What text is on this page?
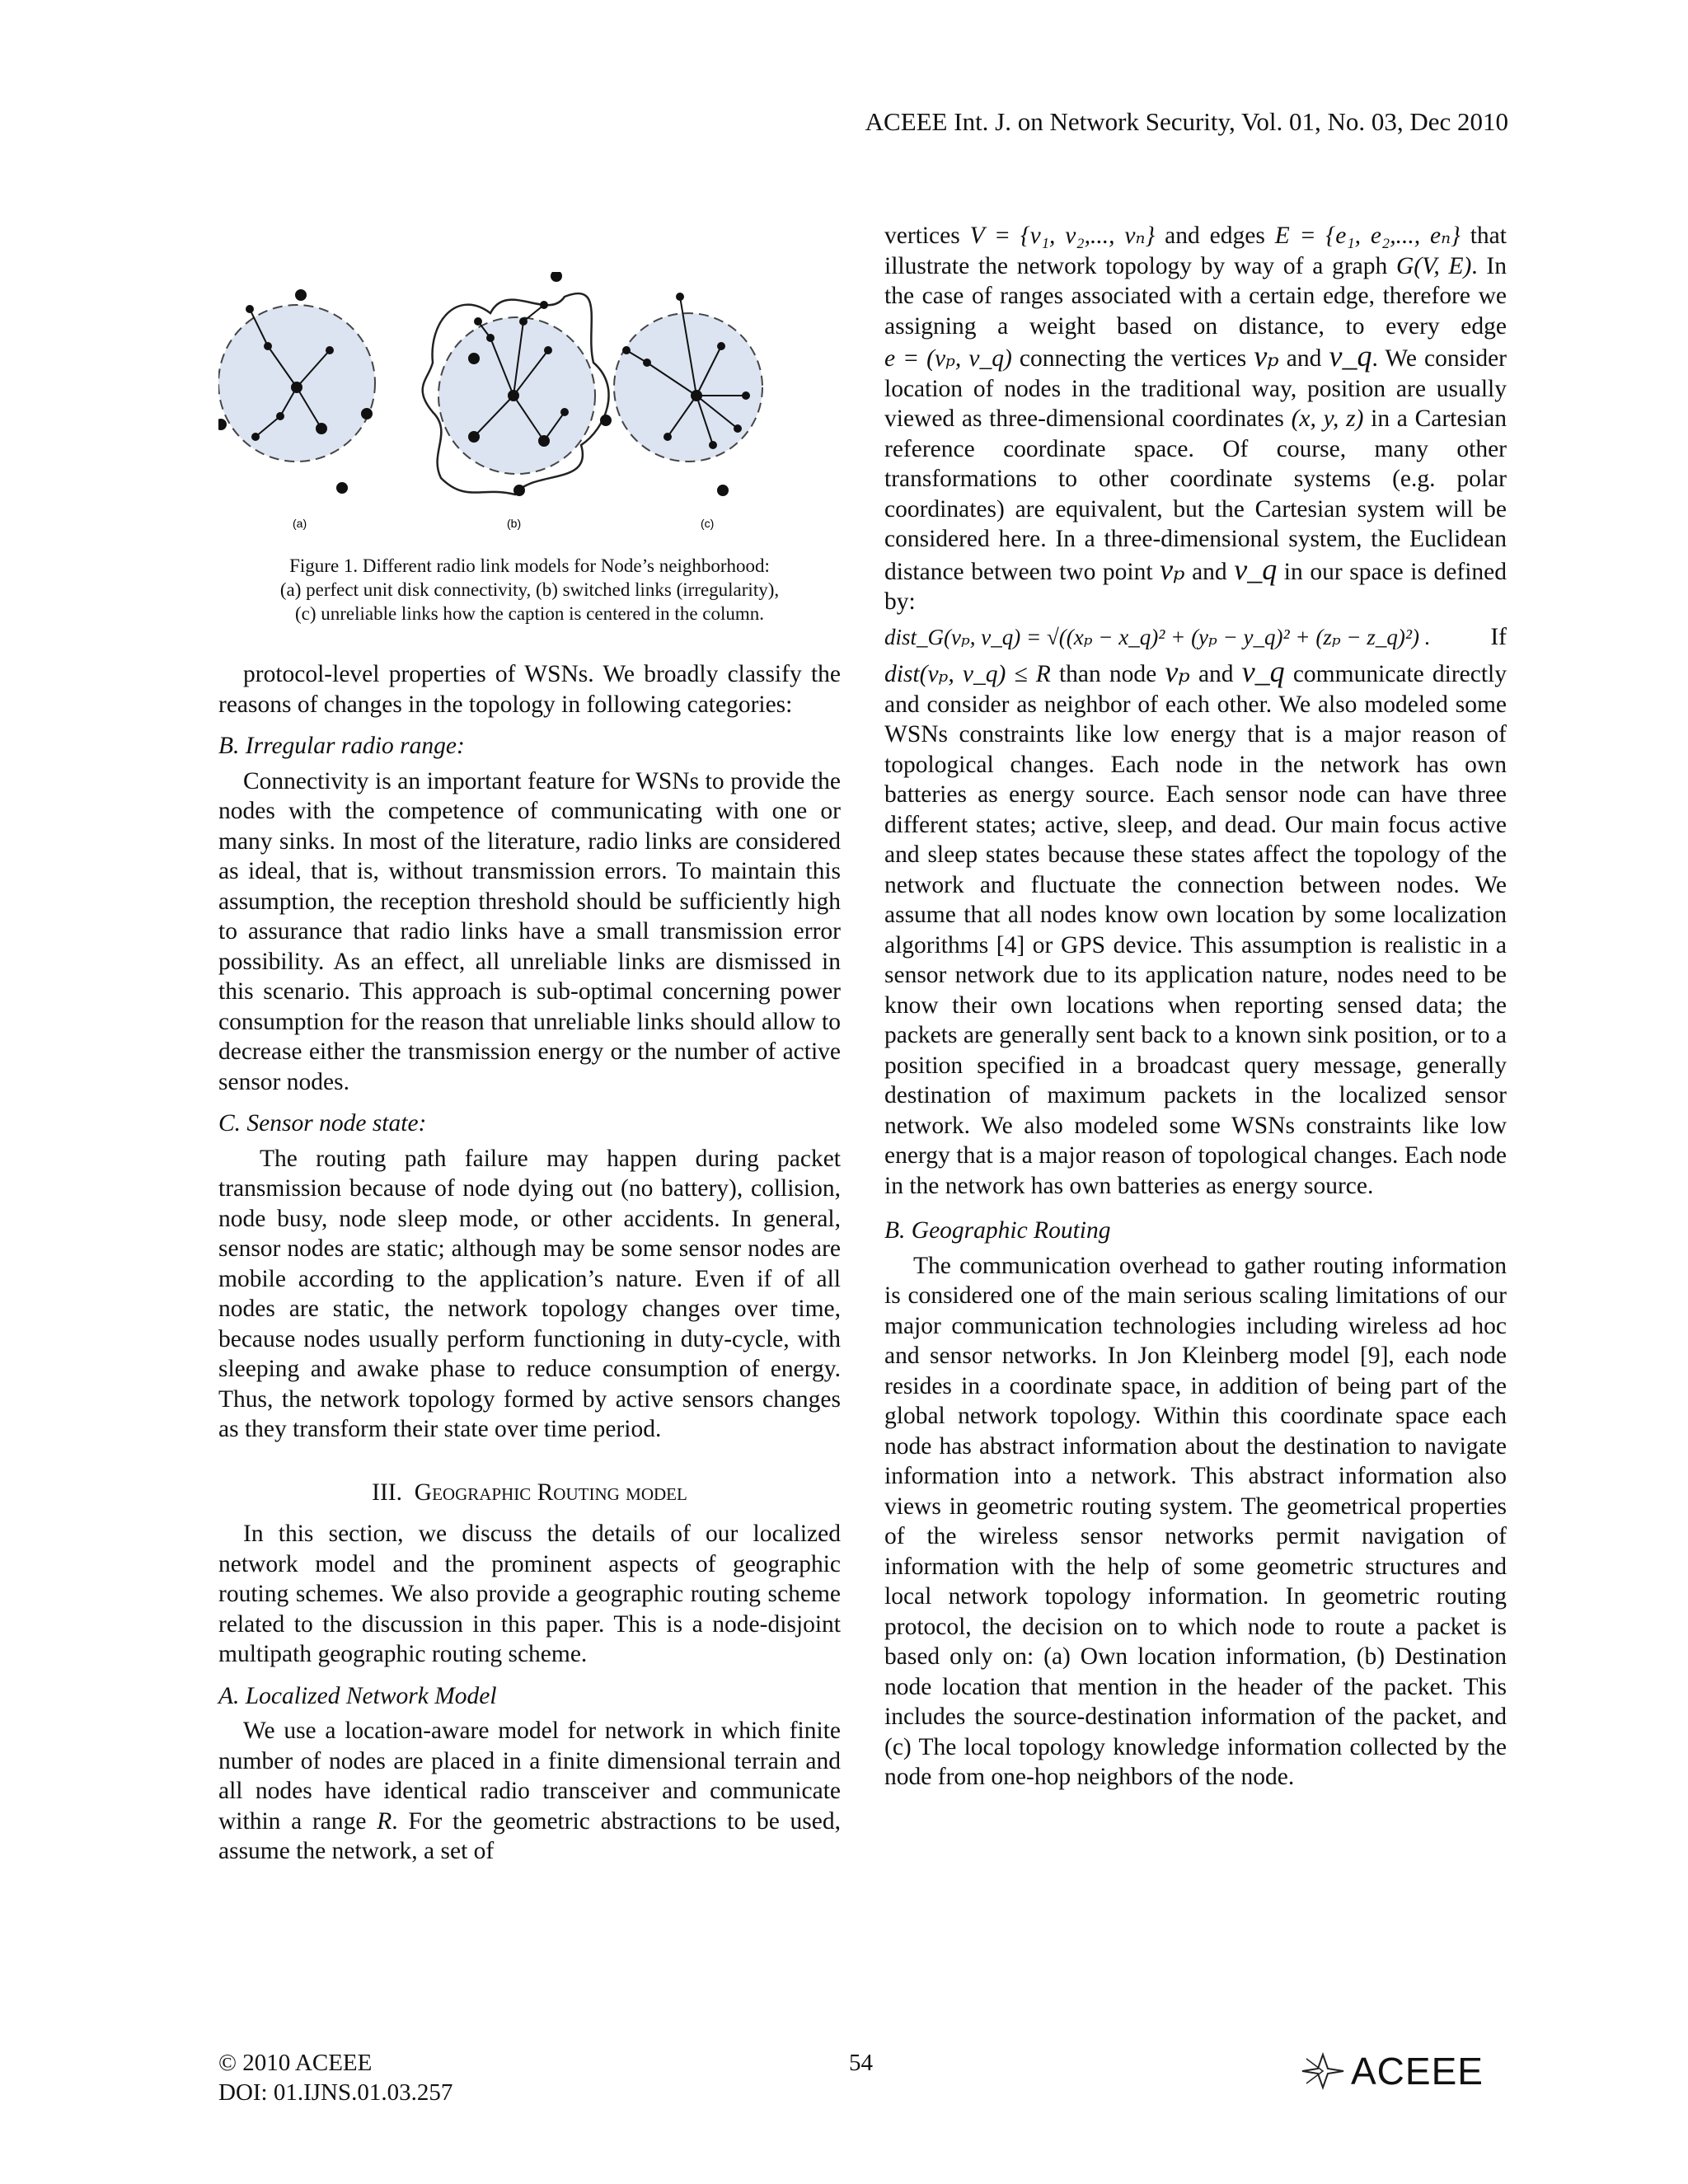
ACEEE Int. J. on Network Security, Vol. 01, No. 03, Dec 2010
(a)	(b)	(c)
Figure 1. Different radio link models for Node’s neighborhood:
(a) perfect unit disk connectivity, (b) switched links (irregularity),
(c) unreliable links how the caption is centered in the column.

protocol-level properties of WSNs. We broadly classify the reasons of changes in the topology in following categories:

B. Irregular radio range:

Connectivity is an important feature for WSNs to provide the nodes with the competence of communicating with one or many sinks. In most of the literature, radio links are considered as ideal, that is, without transmission errors. To maintain this assumption, the reception threshold should be sufficiently high to assurance that radio links have a small transmission error possibility. As an effect, all unreliable links are dismissed in this scenario. This approach is sub-optimal concerning power consumption for the reason that unreliable links should allow to decrease either the transmission energy or the number of active sensor nodes.

C. Sensor node state:

The routing path failure may happen during packet transmission because of node dying out (no battery), collision, node busy, node sleep mode, or other accidents. In general, sensor nodes are static; although may be some sensor nodes are mobile according to the application’s nature. Even if of all nodes are static, the network topology changes over time, because nodes usually perform functioning in duty-cycle, with sleeping and awake phase to reduce consumption of energy. Thus, the network topology formed by active sensors changes as they transform their state over time period.

III. Geographic Routing model

In this section, we discuss the details of our localized network model and the prominent aspects of geographic routing schemes. We also provide a geographic routing scheme related to the discussion in this paper. This is a node-disjoint multipath geographic routing scheme.

A. Localized Network Model

We use a location-aware model for network in which finite number of nodes are placed in a finite dimensional terrain and all nodes have identical radio transceiver and communicate within a range R. For the geometric abstractions to be used, assume the network, a set of

vertices V = {v₁, v₂,..., vₙ} and edges E = {e₁, e₂,..., eₙ} that illustrate the network topology by way of a graph G(V, E). In the case of ranges associated with a certain edge, therefore we assigning a weight based on distance, to every edge e = (vₚ, v_q) connecting the vertices vₚ and v_q. We consider location of nodes in the traditional way, position are usually viewed as three-dimensional coordinates (x, y, z) in a Cartesian reference coordinate space. Of course, many other transformations to other coordinate systems (e.g. polar coordinates) are equivalent, but the Cartesian system will be considered here. In a three-dimensional system, the Euclidean distance between two point vₚ and v_q in our space is defined by:

dist_G(vₚ, v_q) = √((xₚ − x_q)² + (yₚ − y_q)² + (zₚ − z_q)²) . If

dist(vₚ, v_q) ≤ R than node vₚ and v_q communicate directly and consider as neighbor of each other. We also modeled some WSNs constraints like low energy that is a major reason of topological changes. Each node in the network has own batteries as energy source. Each sensor node can have three different states; active, sleep, and dead. Our main focus active and sleep states because these states affect the topology of the network and fluctuate the connection between nodes. We assume that all nodes know own location by some localization algorithms [4] or GPS device. This assumption is realistic in a sensor network due to its application nature, nodes need to be know their own locations when reporting sensed data; the packets are generally sent back to a known sink position, or to a position specified in a broadcast query message, generally destination of maximum packets in the localized sensor network. We also modeled some WSNs constraints like low energy that is a major reason of topological changes. Each node in the network has own batteries as energy source.

B. Geographic Routing

The communication overhead to gather routing information is considered one of the main serious scaling limitations of our major communication technologies including wireless ad hoc and sensor networks. In Jon Kleinberg model [9], each node resides in a coordinate space, in addition of being part of the global network topology. Within this coordinate space each node has abstract information about the destination to navigate information into a network. This abstract information also views in geometric routing system. The geometrical properties of the wireless sensor networks permit navigation of information with the help of some geometric structures and local network topology information. In geometric routing protocol, the decision on to which node to route a packet is based only on: (a) Own location information, (b) Destination node location that mention in the header of the packet. This includes the source-destination information of the packet, and (c) The local topology knowledge information collected by the node from one-hop neighbors of the node.

© 2010 ACEEE
DOI: 01.IJNS.01.03.257
54	ACEEE
